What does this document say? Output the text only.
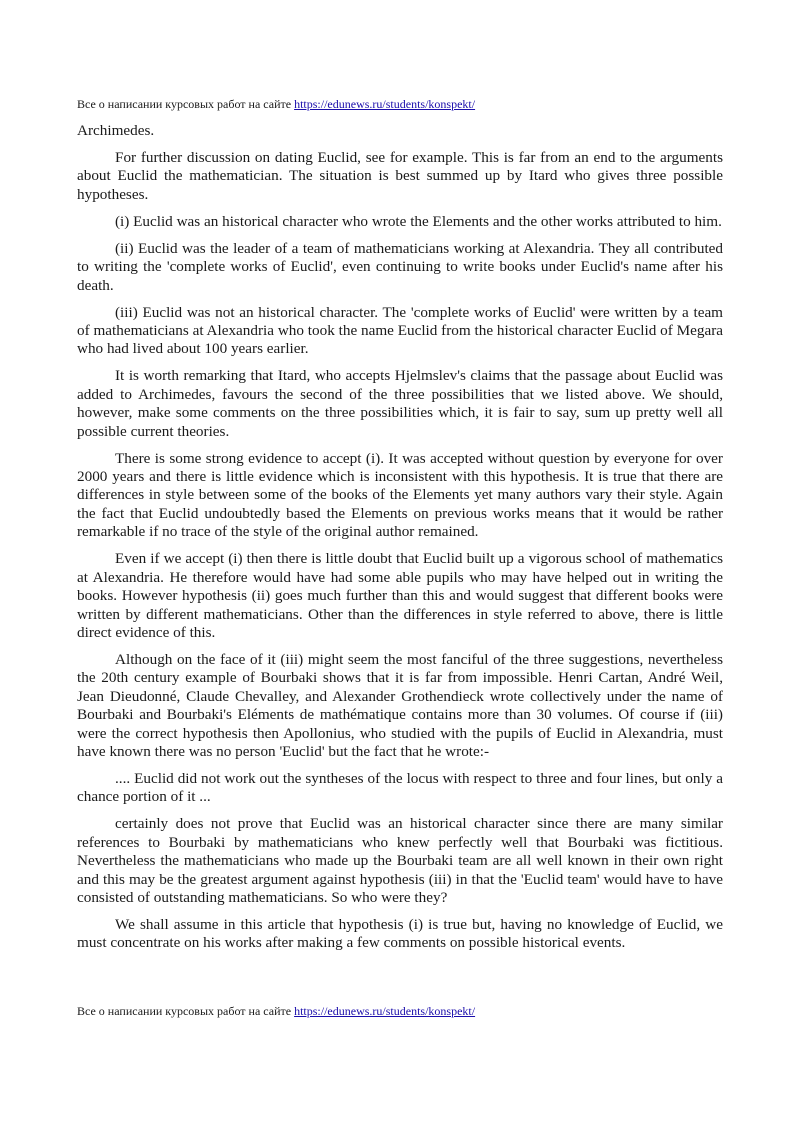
Все о написании курсовых работ на сайте https://edunews.ru/students/konspekt/

Archimedes.

For further discussion on dating Euclid, see for example. This is far from an end to the arguments about Euclid the mathematician. The situation is best summed up by Itard who gives three possible hypotheses.

(i) Euclid was an historical character who wrote the Elements and the other works attributed to him.

(ii) Euclid was the leader of a team of mathematicians working at Alexandria. They all contributed to writing the 'complete works of Euclid', even continuing to write books under Euclid's name after his death.

(iii) Euclid was not an historical character. The 'complete works of Euclid' were written by a team of mathematicians at Alexandria who took the name Euclid from the historical character Euclid of Megara who had lived about 100 years earlier.

It is worth remarking that Itard, who accepts Hjelmslev's claims that the passage about Euclid was added to Archimedes, favours the second of the three possibilities that we listed above. We should, however, make some comments on the three possibilities which, it is fair to say, sum up pretty well all possible current theories.

There is some strong evidence to accept (i). It was accepted without question by everyone for over 2000 years and there is little evidence which is inconsistent with this hypothesis. It is true that there are differences in style between some of the books of the Elements yet many authors vary their style. Again the fact that Euclid undoubtedly based the Elements on previous works means that it would be rather remarkable if no trace of the style of the original author remained.

Even if we accept (i) then there is little doubt that Euclid built up a vigorous school of mathematics at Alexandria. He therefore would have had some able pupils who may have helped out in writing the books. However hypothesis (ii) goes much further than this and would suggest that different books were written by different mathematicians. Other than the differences in style referred to above, there is little direct evidence of this.

Although on the face of it (iii) might seem the most fanciful of the three suggestions, nevertheless the 20th century example of Bourbaki shows that it is far from impossible. Henri Cartan, André Weil, Jean Dieudonné, Claude Chevalley, and Alexander Grothendieck wrote collectively under the name of Bourbaki and Bourbaki's Eléments de mathématique contains more than 30 volumes. Of course if (iii) were the correct hypothesis then Apollonius, who studied with the pupils of Euclid in Alexandria, must have known there was no person 'Euclid' but the fact that he wrote:-

.... Euclid did not work out the syntheses of the locus with respect to three and four lines, but only a chance portion of it ...

certainly does not prove that Euclid was an historical character since there are many similar references to Bourbaki by mathematicians who knew perfectly well that Bourbaki was fictitious. Nevertheless the mathematicians who made up the Bourbaki team are all well known in their own right and this may be the greatest argument against hypothesis (iii) in that the 'Euclid team' would have to have consisted of outstanding mathematicians. So who were they?

We shall assume in this article that hypothesis (i) is true but, having no knowledge of Euclid, we must concentrate on his works after making a few comments on possible historical events.

Все о написании курсовых работ на сайте https://edunews.ru/students/konspekt/
